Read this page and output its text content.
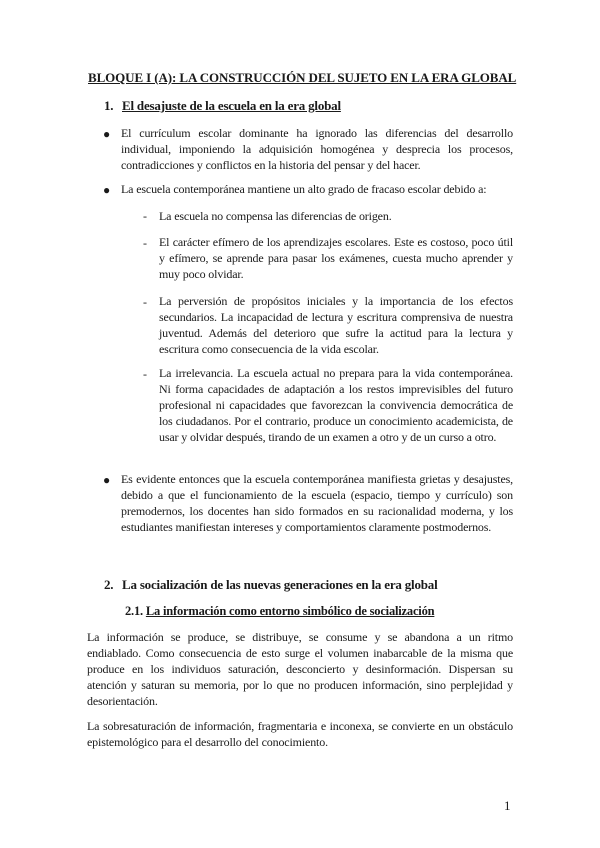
BLOQUE I (A): LA CONSTRUCCIÓN DEL SUJETO EN LA ERA GLOBAL
1. El desajuste de la escuela en la era global
● El currículum escolar dominante ha ignorado las diferencias del desarrollo individual, imponiendo la adquisición homogénea y desprecia los procesos, contradicciones y conflictos en la historia del pensar y del hacer.
● La escuela contemporánea mantiene un alto grado de fracaso escolar debido a:
- La escuela no compensa las diferencias de origen.
- El carácter efímero de los aprendizajes escolares. Este es costoso, poco útil y efímero, se aprende para pasar los exámenes, cuesta mucho aprender y muy poco olvidar.
- La perversión de propósitos iniciales y la importancia de los efectos secundarios. La incapacidad de lectura y escritura comprensiva de nuestra juventud. Además del deterioro que sufre la actitud para la lectura y escritura como consecuencia de la vida escolar.
- La irrelevancia. La escuela actual no prepara para la vida contemporánea. Ni forma capacidades de adaptación a los restos imprevisibles del futuro profesional ni capacidades que favorezcan la convivencia democrática de los ciudadanos. Por el contrario, produce un conocimiento academicista, de usar y olvidar después, tirando de un examen a otro y de un curso a otro.
● Es evidente entonces que la escuela contemporánea manifiesta grietas y desajustes, debido a que el funcionamiento de la escuela (espacio, tiempo y currículo) son premodernos, los docentes han sido formados en su racionalidad moderna, y los estudiantes manifiestan intereses y comportamientos claramente postmodernos.
2. La socialización de las nuevas generaciones en la era global
2.1. La información como entorno simbólico de socialización
La información se produce, se distribuye, se consume y se abandona a un ritmo endiablado. Como consecuencia de esto surge el volumen inabarcable de la misma que produce en los individuos saturación, desconcierto y desinformación. Dispersan su atención y saturan su memoria, por lo que no producen información, sino perplejidad y desorientación.
La sobresaturación de información, fragmentaria e inconexa, se convierte en un obstáculo epistemológico para el desarrollo del conocimiento.
1
